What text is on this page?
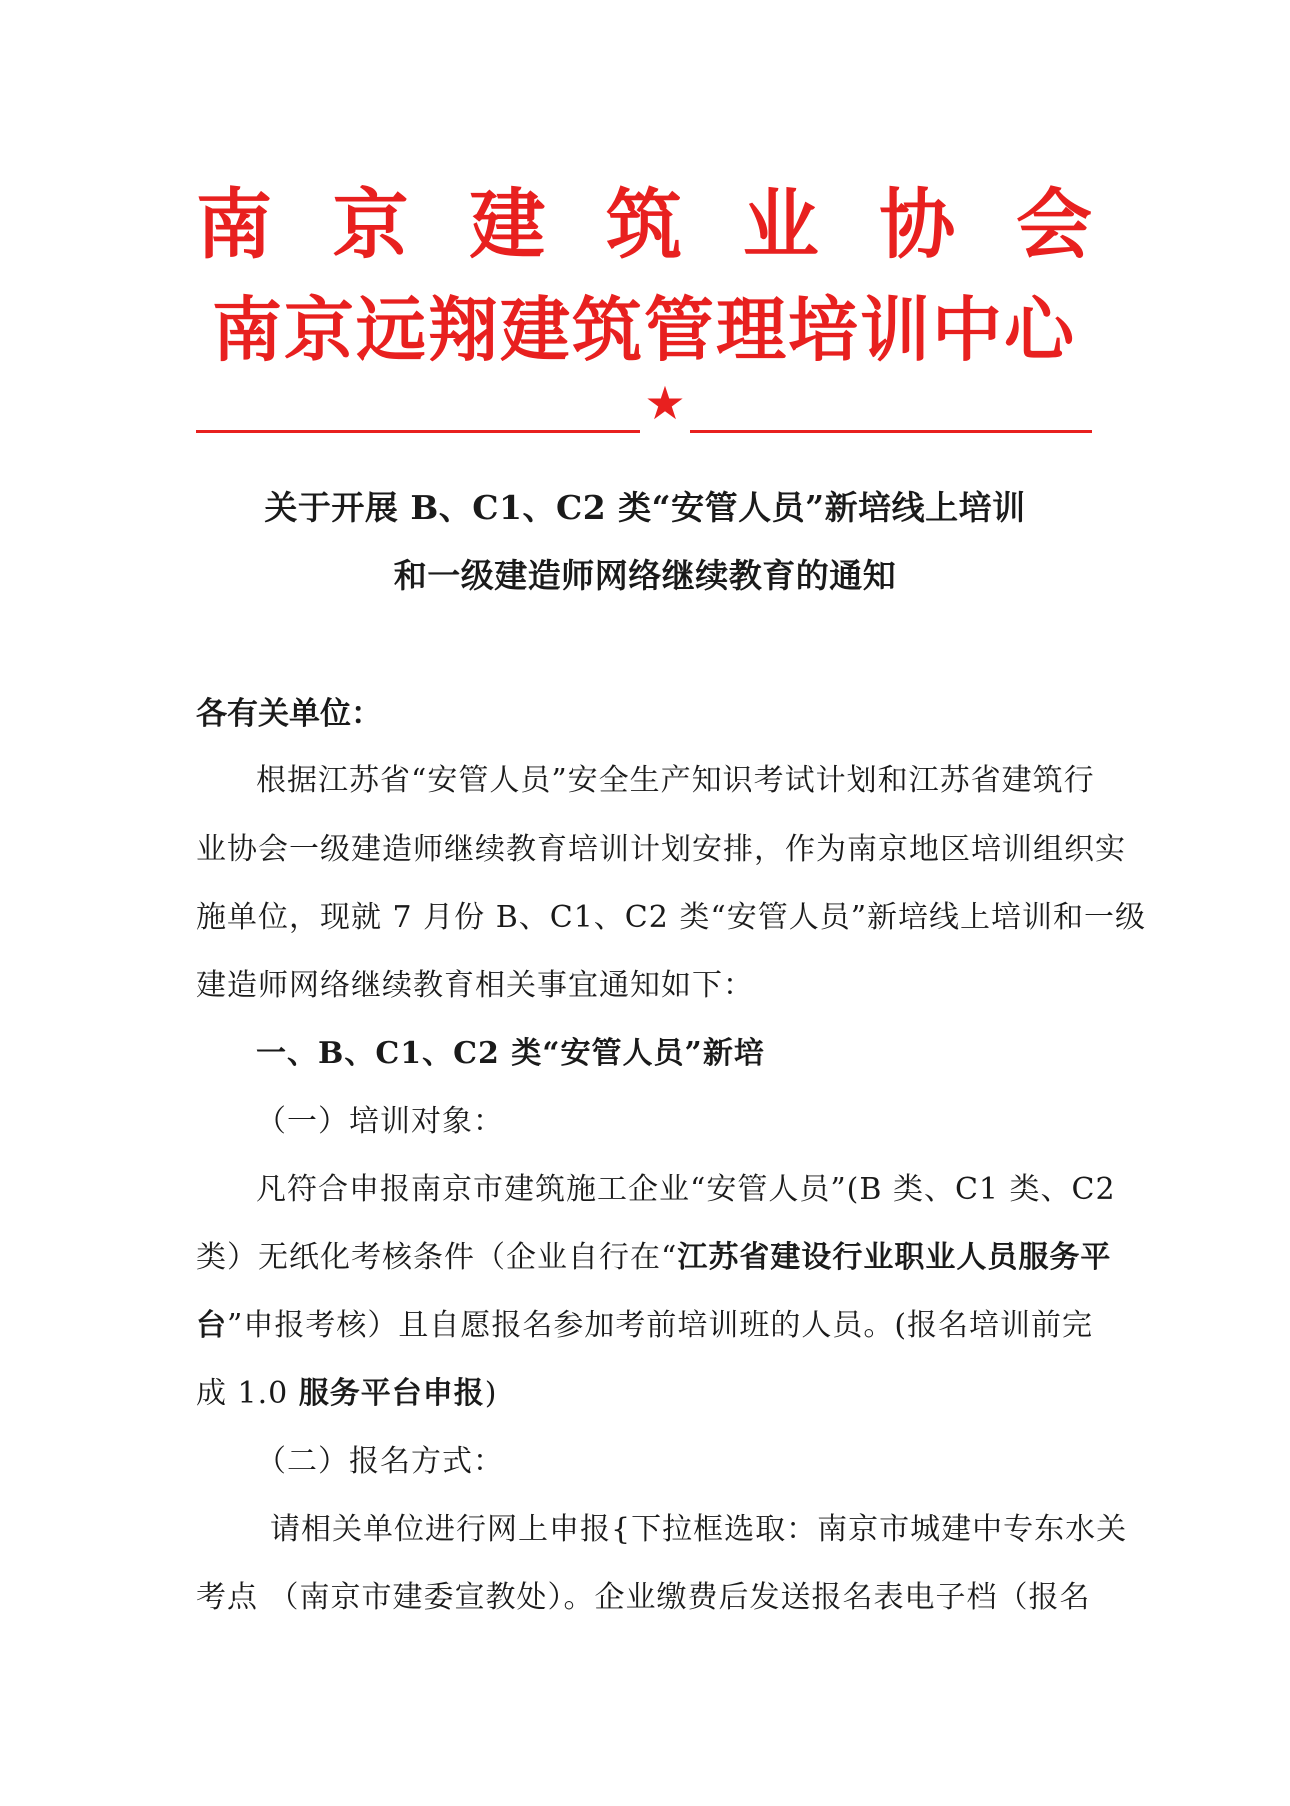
南 京 建 筑 业 协 会
南京远翔建筑管理培训中心
★
关于开展 B、C1、C2 类“安管人员”新培线上培训
和一级建造师网络继续教育的通知
各有关单位：
根据江苏省“安管人员”安全生产知识考试计划和江苏省建筑行
业协会一级建造师继续教育培训计划安排，作为南京地区培训组织实
施单位，现就 7 月份 B、C1、C2 类“安管人员”新培线上培训和一级
建造师网络继续教育相关事宜通知如下：
一、B、C1、C2 类“安管人员”新培
（一）培训对象：
凡符合申报南京市建筑施工企业“安管人员”(B 类、C1 类、C2
类）无纸化考核条件（企业自行在“江苏省建设行业职业人员服务平
台”申报考核）且自愿报名参加考前培训班的人员。(报名培训前完
成 1.0 服务平台申报)
（二）报名方式：
请相关单位进行网上申报{下拉框选取：南京市城建中专东水关
考点 （南京市建委宣教处）。企业缴费后发送报名表电子档（报名
